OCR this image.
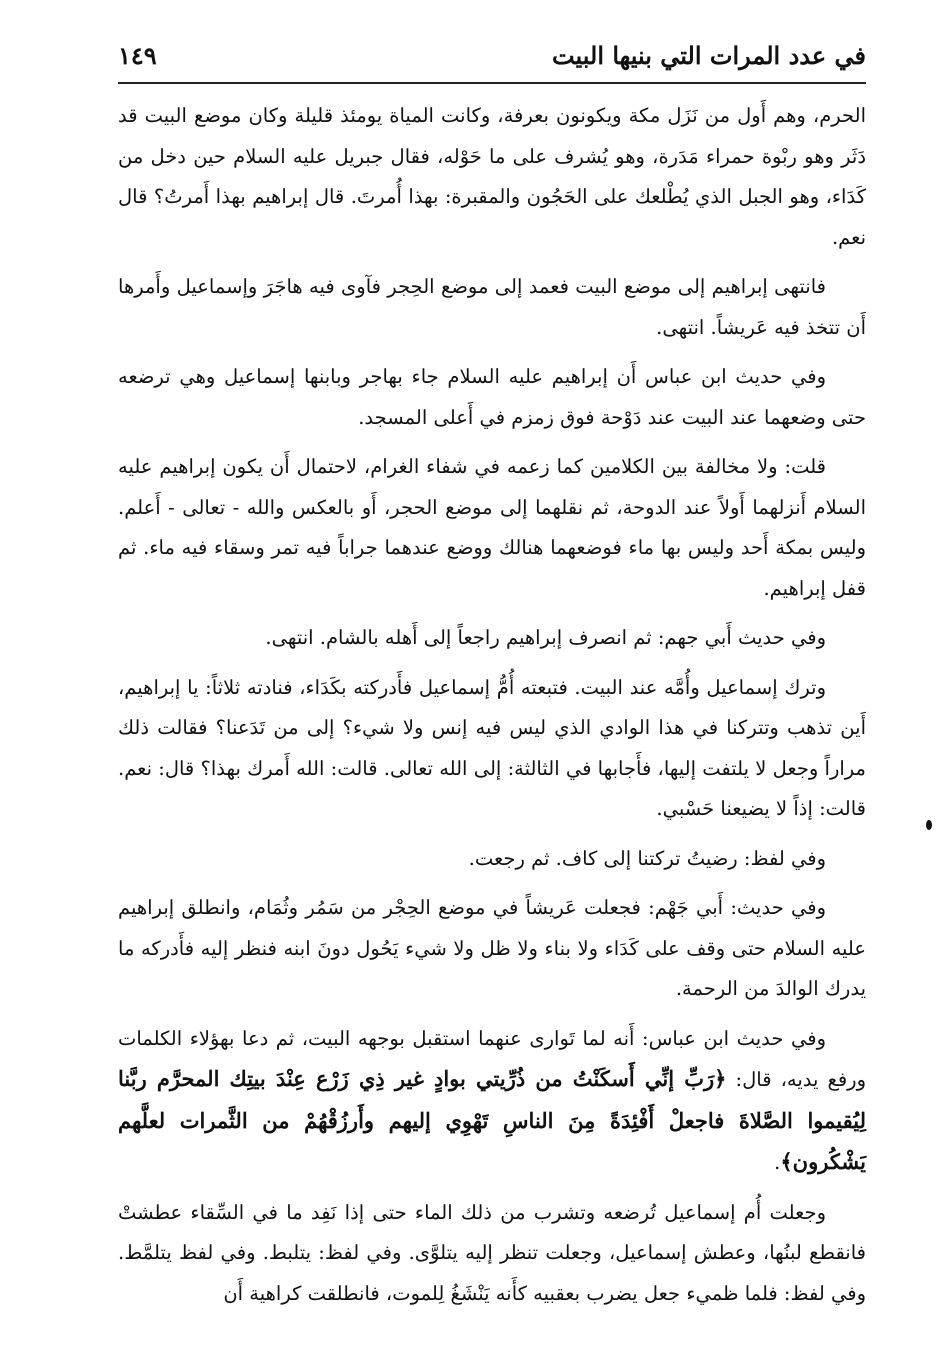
في عدد المرات التي بنيها البيت
١٤٩

الحرم، وهم أَول من نَزَل مكة ويكونون بعرفة، وكانت المياة يومئذ قليلة وكان موضع البيت قد دَثَر وهو ربْوة حمراء مَدَرة، وهو يُشرف على ما حَوْله، فقال جبريل عليه السلام حين دخل من كَدَاء، وهو الجبل الذي يُطْلعك على الحَجُون والمقبرة: بهذا أُمرتَ. قال إبراهيم بهذا أَمرتُ؟ قال نعم.

فانتهى إبراهيم إلى موضع البيت فعمد إلى موضع الحِجر فآوى فيه هاجَرَ وإسماعيل وأَمرها أَن تتخذ فيه عَريشاً. انتهى.

وفي حديث ابن عباس أَن إبراهيم عليه السلام جاء بهاجر وبابنها إسماعيل وهي ترضعه حتى وضعهما عند البيت عند دَوْحة فوق زمزم في أَعلى المسجد.

قلت: ولا مخالفة بين الكلامين كما زعمه في شفاء الغرام، لاحتمال أَن يكون إبراهيم عليه السلام أَنزلهما أَولاً عند الدوحة، ثم نقلهما إلى موضع الحجر، أَو بالعكس والله - تعالى - أَعلم. وليس بمكة أَحد وليس بها ماء فوضعهما هنالك ووضع عندهما جراباً فيه تمر وسقاء فيه ماء. ثم قفل إبراهيم.

وفي حديث أَبي جهم: ثم انصرف إبراهيم راجعاً إلى أَهله بالشام. انتهى.

وترك إسماعيل وأُمَّه عند البيت. فتبعته أُمُّ إسماعيل فأَدركته بكَدَاء، فنادته ثلاثاً: يا إبراهيم، أَين تذهب وتتركنا في هذا الوادي الذي ليس فيه إنس ولا شيء؟ إلى من تَدَعنا؟ فقالت ذلك مراراً وجعل لا يلتفت إليها، فأَجابها في الثالثة: إلى الله تعالى. قالت: الله أَمرك بهذا؟ قال: نعم. قالت: إذاً لا يضيعنا حَسْبي.

وفي لفظ: رضيتُ تركتنا إلى كاف. ثم رجعت.

وفي حديث: أَبي جَهْم: فجعلت عَريشاً في موضع الحِجْر من سَمُر وثُمَام، وانطلق إبراهيم عليه السلام حتى وقف على كَدَاء ولا بناء ولا ظل ولا شيء يَحُول دونَ ابنه فنظر إليه فأَدركه ما يدرك الوالدَ من الرحمة.

وفي حديث ابن عباس: أَنه لما تَوارى عنهما استقبل بوجهه البيت، ثم دعا بهؤلاء الكلمات ورفع يديه، قال: ﴿رَبِّ إنِّي أَسكَنْتُ من ذُرِّيتي بوادٍ غير ذِي زَرْع عِنْدَ بيتِك المحرَّم ربَّنا لِيُقيموا الصَّلاةَ فاجعلْ أَفْئِدَةً مِنَ الناسِ تَهْوِي إليهم وأَرزُقْهُمْ من الثَّمرات لعلَّهم يَشْكُرون﴾.

وجعلت أُم إسماعيل تُرضعه وتشرب من ذلك الماء حتى إذا نَفِد ما في السِّقاء عطشتْ فانقطع لبنُها، وعطش إسماعيل، وجعلت تنظر إليه يتلوَّى. وفي لفظ: يتلبط. وفي لفظ يتلمَّط. وفي لفظ: فلما ظميء جعل يضرب بعقبيه كأَنه يَنْشَغُ لِلموت، فانطلقت كراهية أَن
